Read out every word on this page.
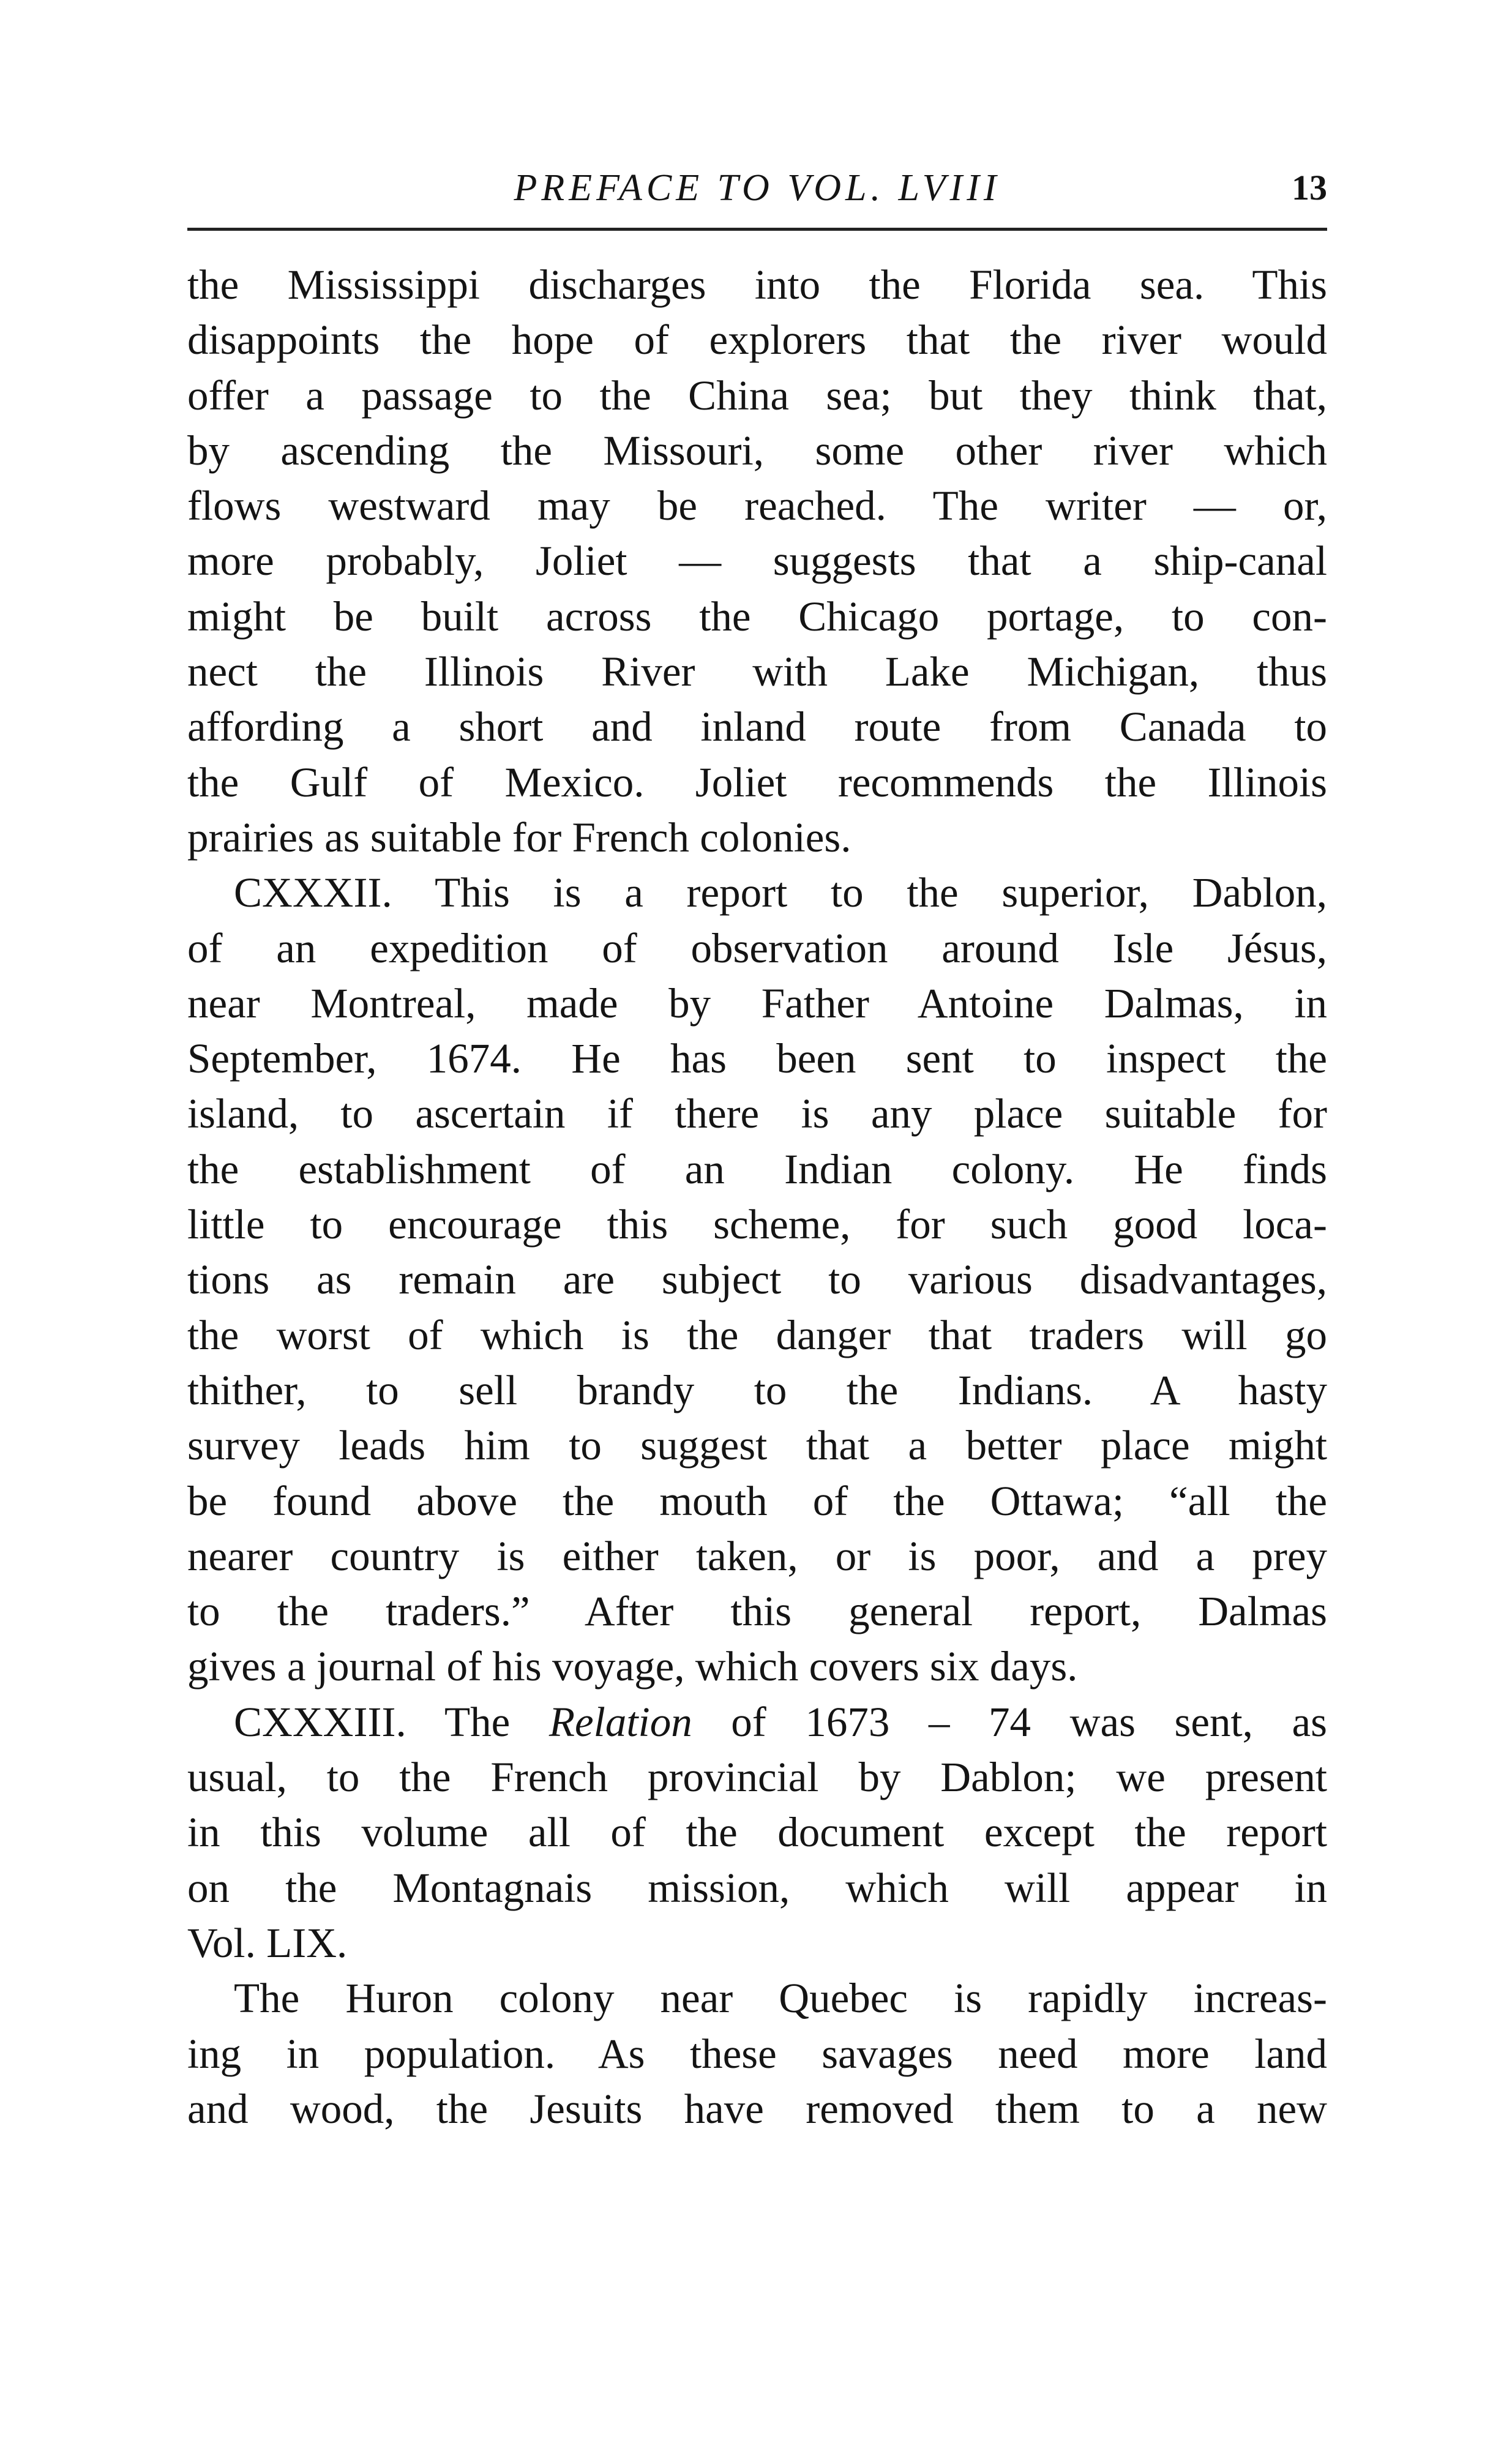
PREFACE TO VOL. LVIII	13
the Mississippi discharges into the Florida sea. This
disappoints the hope of explorers that the river would
offer a passage to the China sea; but they think that,
by ascending the Missouri, some other river which
flows westward may be reached. The writer — or,
more probably, Joliet — suggests that a ship-canal
might be built across the Chicago portage, to con-
nect the Illinois River with Lake Michigan, thus
affording a short and inland route from Canada to
the Gulf of Mexico. Joliet recommends the Illinois
prairies as suitable for French colonies.
CXXXII. This is a report to the superior, Dablon,
of an expedition of observation around Isle Jésus,
near Montreal, made by Father Antoine Dalmas, in
September, 1674. He has been sent to inspect the
island, to ascertain if there is any place suitable for
the establishment of an Indian colony. He finds
little to encourage this scheme, for such good loca-
tions as remain are subject to various disadvantages,
the worst of which is the danger that traders will go
thither, to sell brandy to the Indians. A hasty
survey leads him to suggest that a better place might
be found above the mouth of the Ottawa; “all the
nearer country is either taken, or is poor, and a prey
to the traders.” After this general report, Dalmas
gives a journal of his voyage, which covers six days.
CXXXIII. The Relation of 1673 – 74 was sent, as
usual, to the French provincial by Dablon; we present
in this volume all of the document except the report
on the Montagnais mission, which will appear in
Vol. LIX.
The Huron colony near Quebec is rapidly increas-
ing in population. As these savages need more land
and wood, the Jesuits have removed them to a new
